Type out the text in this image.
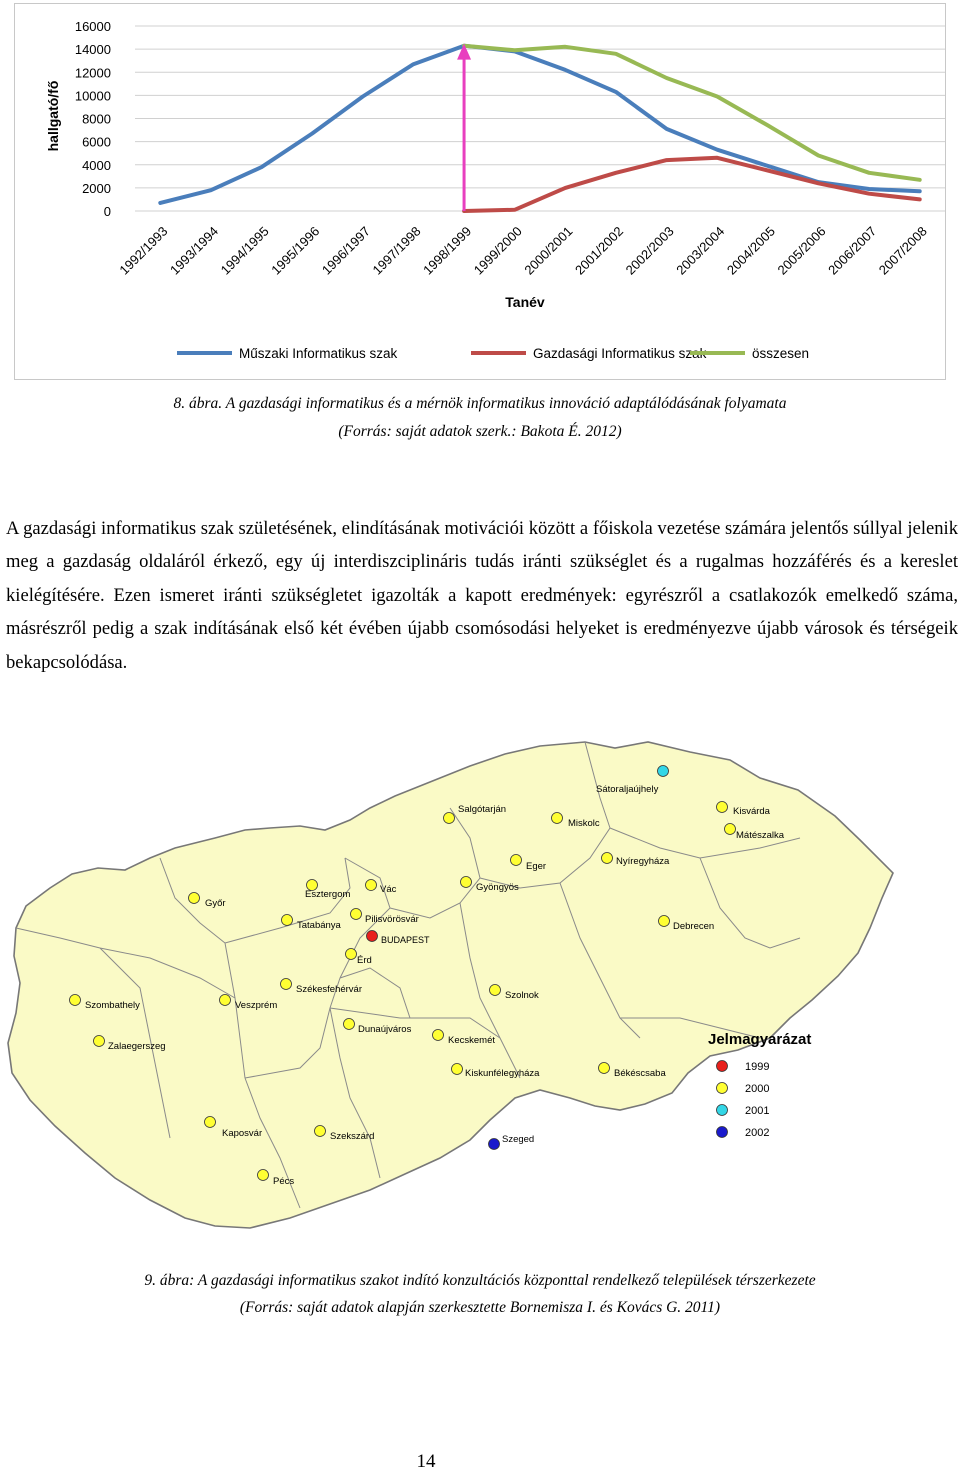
16000
14000
12000
10000
8000
6000
4000
2000
0
hallgató/fő
1992/1993
1993/1994
1994/1995
1995/1996
1996/1997
1997/1998
1998/1999
1999/2000
2000/2001
2001/2002
2002/2003
2003/2004
2004/2005
2005/2006
2006/2007
2007/2008
Tanév
Műszaki Informatikus szak	Gazdasági Informatikus szak	összesen
8. ábra. A gazdasági informatikus és a mérnök informatikus innováció adaptálódásának folyamata
(Forrás: saját adatok szerk.: Bakota É. 2012)
A gazdasági informatikus szak születésének, elindításának motivációi között a főiskola vezetése számára jelentős súllyal jelenik meg a gazdaság oldaláról érkező, egy új interdiszciplináris tudás iránti szükséglet és a rugalmas hozzáférés és a kereslet kielégítésére. Ezen ismeret iránti szükségletet igazolták a kapott eredmények: egyrészről a csatlakozók emelkedő száma, másrészről pedig a szak indításának első két évében újabb csomósodási helyeket is eredményezve újabb városok és térségeik bekapcsolódása.
Sátoraljaújhely
Kisvárda
Salgótarján
Miskolc
Mátészalka
Eger	Nyíregyháza
Esztergom	Vác	Gyöngyös
Győr
Tatabánya
Pilisvörösvár
BUDAPEST
Debrecen
Érd
Szombathely
Székesfehérvár
Szolnok
Veszprém
Dunaújváros
Kecskemét
Zalaegerszeg
Békéscsaba
Kiskunfélegyháza
Kaposvár	Szekszárd	Szeged
Pécs
Jelmagyarázat
1999
2000
2001
2002
9. ábra: A gazdasági informatikus szakot indító konzultációs központtal rendelkező települések térszerkezete
(Forrás: saját adatok alapján szerkesztette Bornemisza I. és Kovács G. 2011)
14
